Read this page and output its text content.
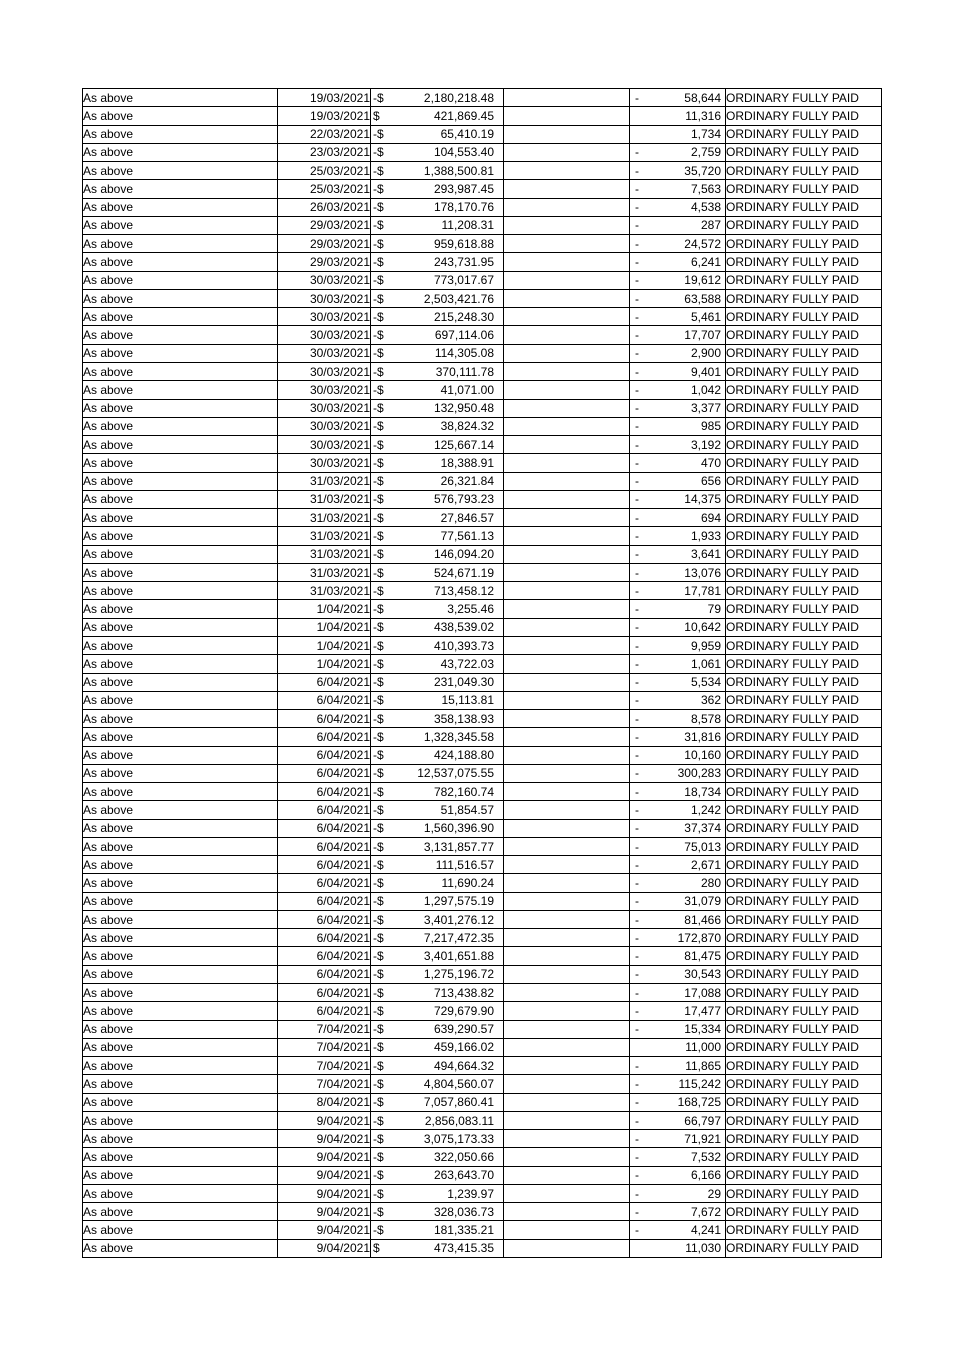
As above	19/03/2021	-$ 2,180,218.48		- 58,644	ORDINARY FULLY PAID
As above	19/03/2021	$ 421,869.45		11,316	ORDINARY FULLY PAID
As above	22/03/2021	-$ 65,410.19		1,734	ORDINARY FULLY PAID
As above	23/03/2021	-$ 104,553.40		- 2,759	ORDINARY FULLY PAID
As above	25/03/2021	-$ 1,388,500.81		- 35,720	ORDINARY FULLY PAID
As above	25/03/2021	-$ 293,987.45		- 7,563	ORDINARY FULLY PAID
As above	26/03/2021	-$ 178,170.76		- 4,538	ORDINARY FULLY PAID
As above	29/03/2021	-$ 11,208.31		- 287	ORDINARY FULLY PAID
As above	29/03/2021	-$ 959,618.88		- 24,572	ORDINARY FULLY PAID
As above	29/03/2021	-$ 243,731.95		- 6,241	ORDINARY FULLY PAID
As above	30/03/2021	-$ 773,017.67		- 19,612	ORDINARY FULLY PAID
As above	30/03/2021	-$ 2,503,421.76		- 63,588	ORDINARY FULLY PAID
As above	30/03/2021	-$ 215,248.30		- 5,461	ORDINARY FULLY PAID
As above	30/03/2021	-$ 697,114.06		- 17,707	ORDINARY FULLY PAID
As above	30/03/2021	-$ 114,305.08		- 2,900	ORDINARY FULLY PAID
As above	30/03/2021	-$ 370,111.78		- 9,401	ORDINARY FULLY PAID
As above	30/03/2021	-$ 41,071.00		- 1,042	ORDINARY FULLY PAID
As above	30/03/2021	-$ 132,950.48		- 3,377	ORDINARY FULLY PAID
As above	30/03/2021	-$ 38,824.32		- 985	ORDINARY FULLY PAID
As above	30/03/2021	-$ 125,667.14		- 3,192	ORDINARY FULLY PAID
As above	30/03/2021	-$ 18,388.91		- 470	ORDINARY FULLY PAID
As above	31/03/2021	-$ 26,321.84		- 656	ORDINARY FULLY PAID
As above	31/03/2021	-$ 576,793.23		- 14,375	ORDINARY FULLY PAID
As above	31/03/2021	-$ 27,846.57		- 694	ORDINARY FULLY PAID
As above	31/03/2021	-$ 77,561.13		- 1,933	ORDINARY FULLY PAID
As above	31/03/2021	-$ 146,094.20		- 3,641	ORDINARY FULLY PAID
As above	31/03/2021	-$ 524,671.19		- 13,076	ORDINARY FULLY PAID
As above	31/03/2021	-$ 713,458.12		- 17,781	ORDINARY FULLY PAID
As above	1/04/2021	-$ 3,255.46		- 79	ORDINARY FULLY PAID
As above	1/04/2021	-$ 438,539.02		- 10,642	ORDINARY FULLY PAID
As above	1/04/2021	-$ 410,393.73		- 9,959	ORDINARY FULLY PAID
As above	1/04/2021	-$ 43,722.03		- 1,061	ORDINARY FULLY PAID
As above	6/04/2021	-$ 231,049.30		- 5,534	ORDINARY FULLY PAID
As above	6/04/2021	-$ 15,113.81		- 362	ORDINARY FULLY PAID
As above	6/04/2021	-$ 358,138.93		- 8,578	ORDINARY FULLY PAID
As above	6/04/2021	-$ 1,328,345.58		- 31,816	ORDINARY FULLY PAID
As above	6/04/2021	-$ 424,188.80		- 10,160	ORDINARY FULLY PAID
As above	6/04/2021	-$ 12,537,075.55		- 300,283	ORDINARY FULLY PAID
As above	6/04/2021	-$ 782,160.74		- 18,734	ORDINARY FULLY PAID
As above	6/04/2021	-$ 51,854.57		- 1,242	ORDINARY FULLY PAID
As above	6/04/2021	-$ 1,560,396.90		- 37,374	ORDINARY FULLY PAID
As above	6/04/2021	-$ 3,131,857.77		- 75,013	ORDINARY FULLY PAID
As above	6/04/2021	-$ 111,516.57		- 2,671	ORDINARY FULLY PAID
As above	6/04/2021	-$ 11,690.24		- 280	ORDINARY FULLY PAID
As above	6/04/2021	-$ 1,297,575.19		- 31,079	ORDINARY FULLY PAID
As above	6/04/2021	-$ 3,401,276.12		- 81,466	ORDINARY FULLY PAID
As above	6/04/2021	-$ 7,217,472.35		- 172,870	ORDINARY FULLY PAID
As above	6/04/2021	-$ 3,401,651.88		- 81,475	ORDINARY FULLY PAID
As above	6/04/2021	-$ 1,275,196.72		- 30,543	ORDINARY FULLY PAID
As above	6/04/2021	-$ 713,438.82		- 17,088	ORDINARY FULLY PAID
As above	6/04/2021	-$ 729,679.90		- 17,477	ORDINARY FULLY PAID
As above	7/04/2021	-$ 639,290.57		- 15,334	ORDINARY FULLY PAID
As above	7/04/2021	-$ 459,166.02		11,000	ORDINARY FULLY PAID
As above	7/04/2021	-$ 494,664.32		- 11,865	ORDINARY FULLY PAID
As above	7/04/2021	-$ 4,804,560.07		- 115,242	ORDINARY FULLY PAID
As above	8/04/2021	-$ 7,057,860.41		- 168,725	ORDINARY FULLY PAID
As above	9/04/2021	-$ 2,856,083.11		- 66,797	ORDINARY FULLY PAID
As above	9/04/2021	-$ 3,075,173.33		- 71,921	ORDINARY FULLY PAID
As above	9/04/2021	-$ 322,050.66		- 7,532	ORDINARY FULLY PAID
As above	9/04/2021	-$ 263,643.70		- 6,166	ORDINARY FULLY PAID
As above	9/04/2021	-$ 1,239.97		- 29	ORDINARY FULLY PAID
As above	9/04/2021	-$ 328,036.73		- 7,672	ORDINARY FULLY PAID
As above	9/04/2021	-$ 181,335.21		- 4,241	ORDINARY FULLY PAID
As above	9/04/2021	$ 473,415.35		11,030	ORDINARY FULLY PAID
